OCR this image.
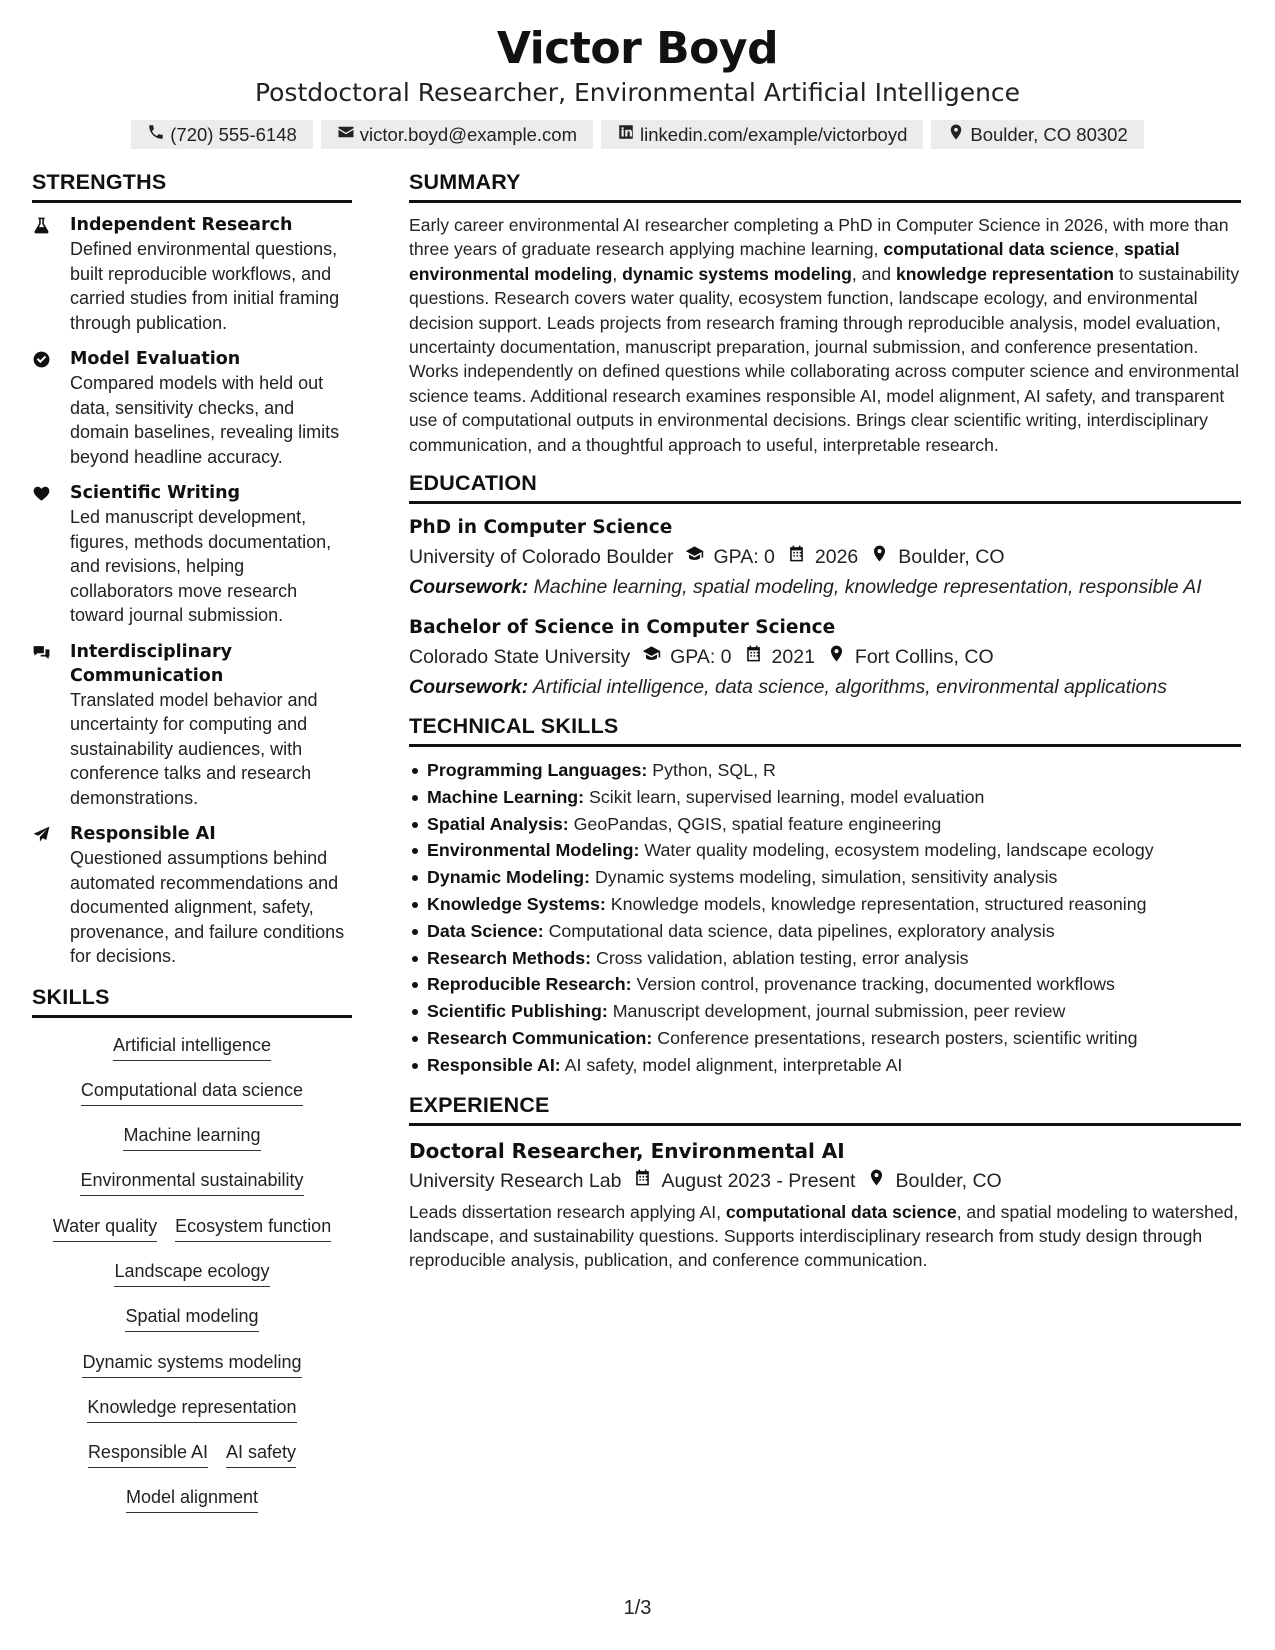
Victor Boyd
Postdoctoral Researcher, Environmental Artificial Intelligence
(720) 555-6148	victor.boyd@example.com	linkedin.com/example/victorboyd	Boulder, CO 80302
STRENGTHS
Independent Research
Defined environmental questions, built reproducible workflows, and carried studies from initial framing through publication.
Model Evaluation
Compared models with held out data, sensitivity checks, and domain baselines, revealing limits beyond headline accuracy.
Scientific Writing
Led manuscript development, figures, methods documentation, and revisions, helping collaborators move research toward journal submission.
Interdisciplinary Communication
Translated model behavior and uncertainty for computing and sustainability audiences, with conference talks and research demonstrations.
Responsible AI
Questioned assumptions behind automated recommendations and documented alignment, safety, provenance, and failure conditions for decisions.
SKILLS
Artificial intelligence
Computational data science
Machine learning
Environmental sustainability
Water quality Ecosystem function
Landscape ecology
Spatial modeling
Dynamic systems modeling
Knowledge representation
Responsible AI AI safety
Model alignment
SUMMARY
Early career environmental AI researcher completing a PhD in Computer Science in 2026, with more than three years of graduate research applying machine learning, computational data science, spatial environmental modeling, dynamic systems modeling, and knowledge representation to sustainability questions. Research covers water quality, ecosystem function, landscape ecology, and environmental decision support. Leads projects from research framing through reproducible analysis, model evaluation, uncertainty documentation, manuscript preparation, journal submission, and conference presentation. Works independently on defined questions while collaborating across computer science and environmental science teams. Additional research examines responsible AI, model alignment, AI safety, and transparent use of computational outputs in environmental decisions. Brings clear scientific writing, interdisciplinary communication, and a thoughtful approach to useful, interpretable research.
EDUCATION
PhD in Computer Science
University of Colorado Boulder GPA: 0 2026 Boulder, CO
Coursework: Machine learning, spatial modeling, knowledge representation, responsible AI
Bachelor of Science in Computer Science
Colorado State University GPA: 0 2021 Fort Collins, CO
Coursework: Artificial intelligence, data science, algorithms, environmental applications
TECHNICAL SKILLS
Programming Languages: Python, SQL, R
Machine Learning: Scikit learn, supervised learning, model evaluation
Spatial Analysis: GeoPandas, QGIS, spatial feature engineering
Environmental Modeling: Water quality modeling, ecosystem modeling, landscape ecology
Dynamic Modeling: Dynamic systems modeling, simulation, sensitivity analysis
Knowledge Systems: Knowledge models, knowledge representation, structured reasoning
Data Science: Computational data science, data pipelines, exploratory analysis
Research Methods: Cross validation, ablation testing, error analysis
Reproducible Research: Version control, provenance tracking, documented workflows
Scientific Publishing: Manuscript development, journal submission, peer review
Research Communication: Conference presentations, research posters, scientific writing
Responsible AI: AI safety, model alignment, interpretable AI
EXPERIENCE
Doctoral Researcher, Environmental AI
University Research Lab August 2023 - Present Boulder, CO
Leads dissertation research applying AI, computational data science, and spatial modeling to watershed, landscape, and sustainability questions. Supports interdisciplinary research from study design through reproducible analysis, publication, and conference communication.
1/3
